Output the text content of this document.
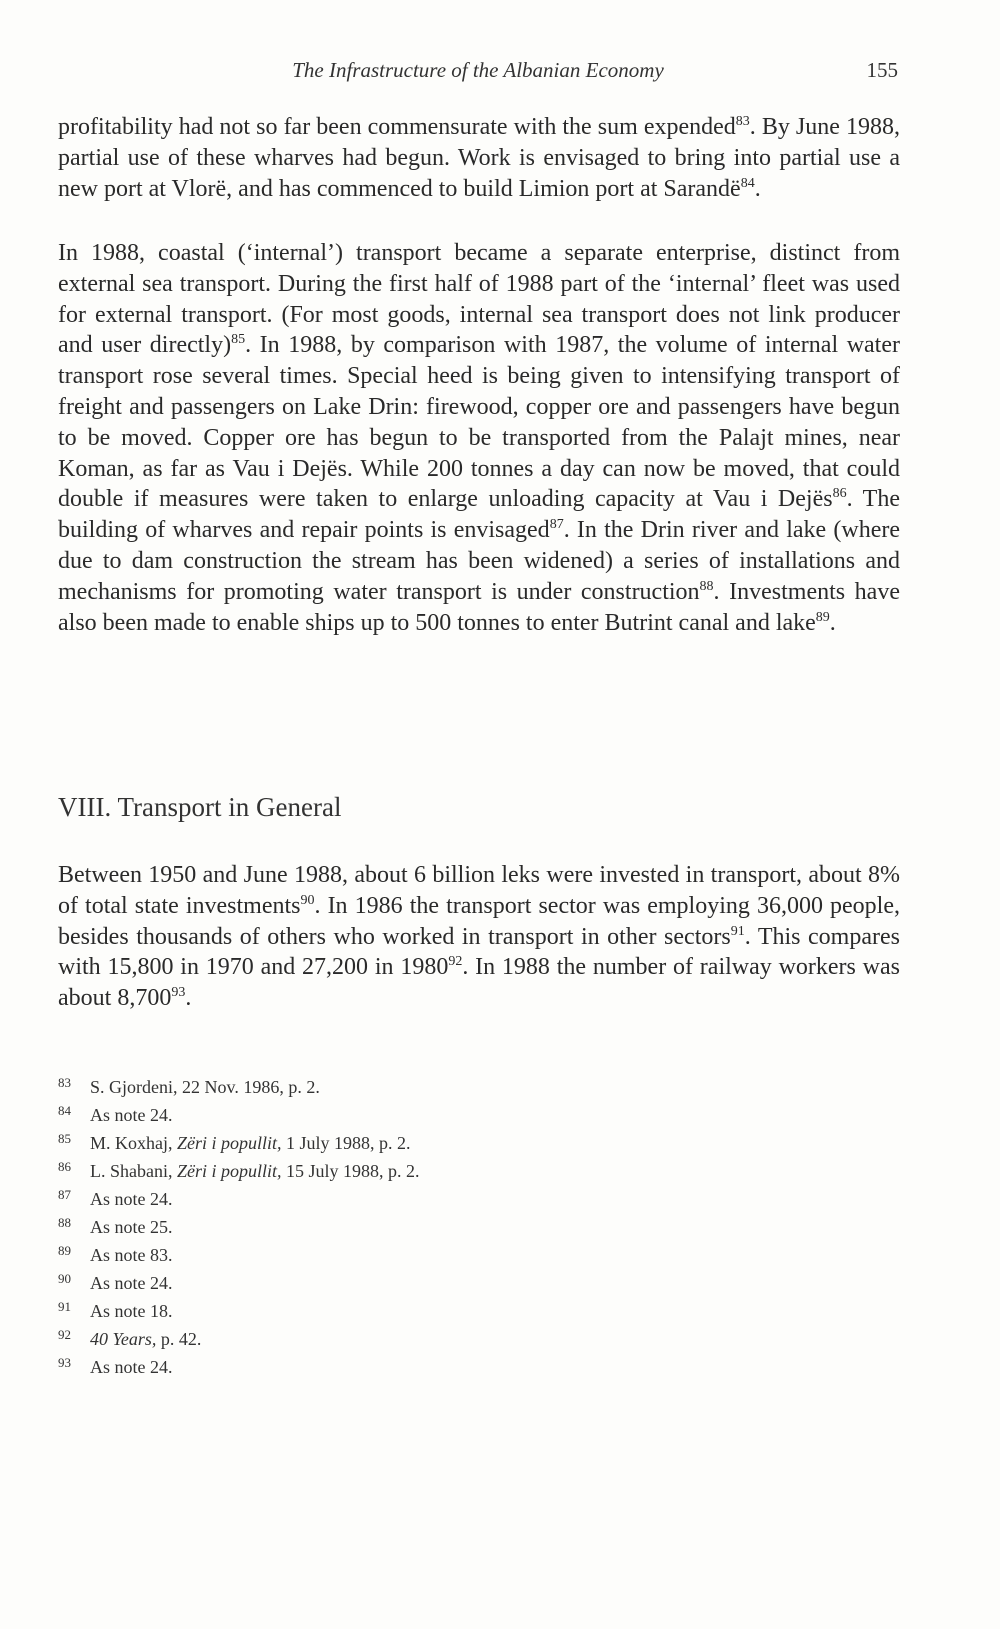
The Infrastructure of the Albanian Economy	155

profitability had not so far been commensurate with the sum expended$^{83}$. By June 1988, partial use of these wharves had begun. Work is envisaged to bring into partial use a new port at Vlorë, and has commenced to build Limion port at Sarandë$^{84}$.

In 1988, coastal (‘internal’) transport became a separate enterprise, distinct from external sea transport. During the first half of 1988 part of the ‘internal’ fleet was used for external transport. (For most goods, internal sea transport does not link producer and user directly)$^{85}$. In 1988, by comparison with 1987, the volume of internal water transport rose several times. Special heed is being given to intensifying transport of freight and passengers on Lake Drin: firewood, copper ore and passengers have begun to be moved. Copper ore has begun to be transported from the Palajt mines, near Koman, as far as Vau i Dejës. While 200 tonnes a day can now be moved, that could double if measures were taken to enlarge unloading capacity at Vau i Dejës$^{86}$. The building of wharves and repair points is envisaged$^{87}$. In the Drin river and lake (where due to dam construction the stream has been widened) a series of installations and mechanisms for promoting water transport is under construction$^{88}$. Investments have also been made to enable ships up to 500 tonnes to enter Butrint canal and lake$^{89}$.

VIII. Transport in General

Between 1950 and June 1988, about 6 billion leks were invested in transport, about 8% of total state investments$^{90}$. In 1986 the transport sector was employing 36,000 people, besides thousands of others who worked in transport in other sectors$^{91}$. This compares with 15,800 in 1970 and 27,200 in 1980$^{92}$. In 1988 the number of railway workers was about 8,700$^{93}$.

83 S. Gjordeni, 22 Nov. 1986, p. 2.
84 As note 24.
85 M. Koxhaj, Zëri i popullit, 1 July 1988, p. 2.
86 L. Shabani, Zëri i popullit, 15 July 1988, p. 2.
87 As note 24.
88 As note 25.
89 As note 83.
90 As note 24.
91 As note 18.
92 40 Years, p. 42.
93 As note 24.
